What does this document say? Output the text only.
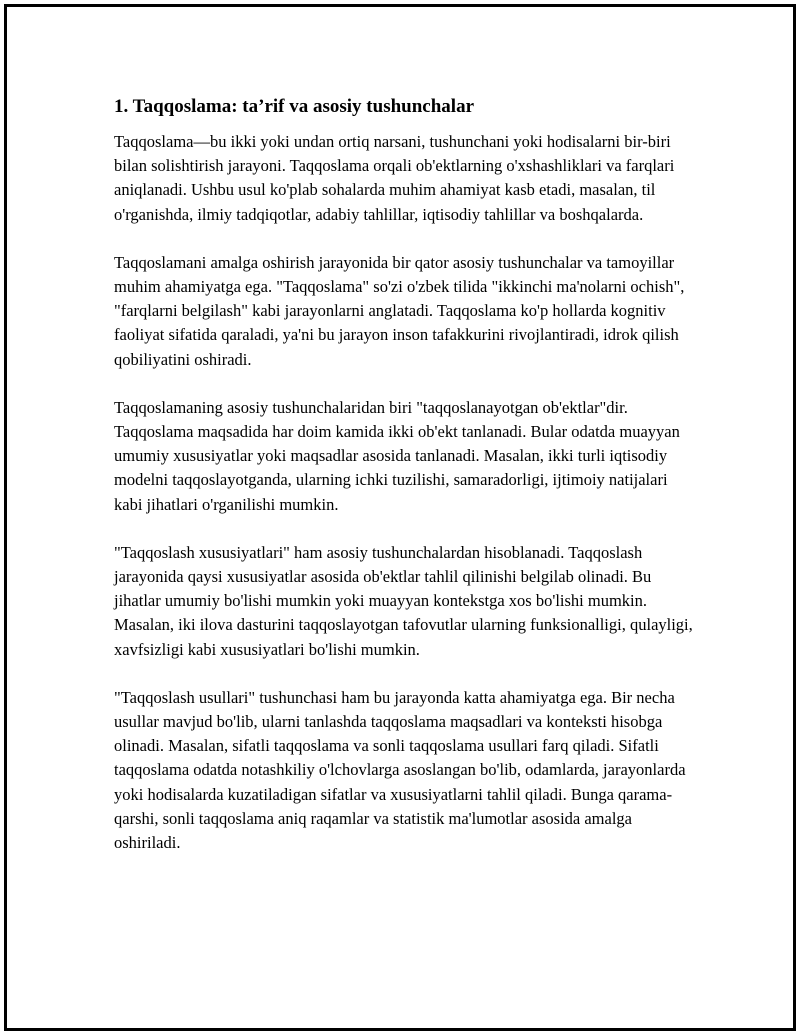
1. Taqqoslama: ta’rif va asosiy tushunchalar

Taqqoslama—bu ikki yoki undan ortiq narsani, tushunchani yoki hodisalarni bir-biri bilan solishtirish jarayoni. Taqqoslama orqali ob'ektlarning o'xshashliklari va farqlari aniqlanadi. Ushbu usul ko'plab sohalarda muhim ahamiyat kasb etadi, masalan, til o'rganishda, ilmiy tadqiqotlar, adabiy tahlillar, iqtisodiy tahlillar va boshqalarda.

Taqqoslamani amalga oshirish jarayonida bir qator asosiy tushunchalar va tamoyillar muhim ahamiyatga ega. "Taqqoslama" so'zi o'zbek tilida "ikkinchi ma'nolarni ochish", "farqlarni belgilash" kabi jarayonlarni anglatadi. Taqqoslama ko'p hollarda kognitiv faoliyat sifatida qaraladi, ya'ni bu jarayon inson tafakkurini rivojlantiradi, idrok qilish qobiliyatini oshiradi.

Taqqoslamaning asosiy tushunchalaridan biri "taqqoslanayotgan ob'ektlar"dir. Taqqoslama maqsadida har doim kamida ikki ob'ekt tanlanadi. Bular odatda muayyan umumiy xususiyatlar yoki maqsadlar asosida tanlanadi. Masalan, ikki turli iqtisodiy modelni taqqoslayotganda, ularning ichki tuzilishi, samaradorligi, ijtimoiy natijalari kabi jihatlari o'rganilishi mumkin.

"Taqqoslash xususiyatlari" ham asosiy tushunchalardan hisoblanadi. Taqqoslash jarayonida qaysi xususiyatlar asosida ob'ektlar tahlil qilinishi belgilab olinadi. Bu jihatlar umumiy bo'lishi mumkin yoki muayyan kontekstga xos bo'lishi mumkin. Masalan, iki ilova dasturini taqqoslayotgan tafovutlar ularning funksionalligi, qulayligi, xavfsizligi kabi xususiyatlari bo'lishi mumkin.

"Taqqoslash usullari" tushunchasi ham bu jarayonda katta ahamiyatga ega. Bir necha usullar mavjud bo'lib, ularni tanlashda taqqoslama maqsadlari va konteksti hisobga olinadi. Masalan, sifatli taqqoslama va sonli taqqoslama usullari farq qiladi. Sifatli taqqoslama odatda notashkiliy o'lchovlarga asoslangan bo'lib, odamlarda, jarayonlarda yoki hodisalarda kuzatiladigan sifatlar va xususiyatlarni tahlil qiladi. Bunga qarama-qarshi, sonli taqqoslama aniq raqamlar va statistik ma'lumotlar asosida amalga oshiriladi.
